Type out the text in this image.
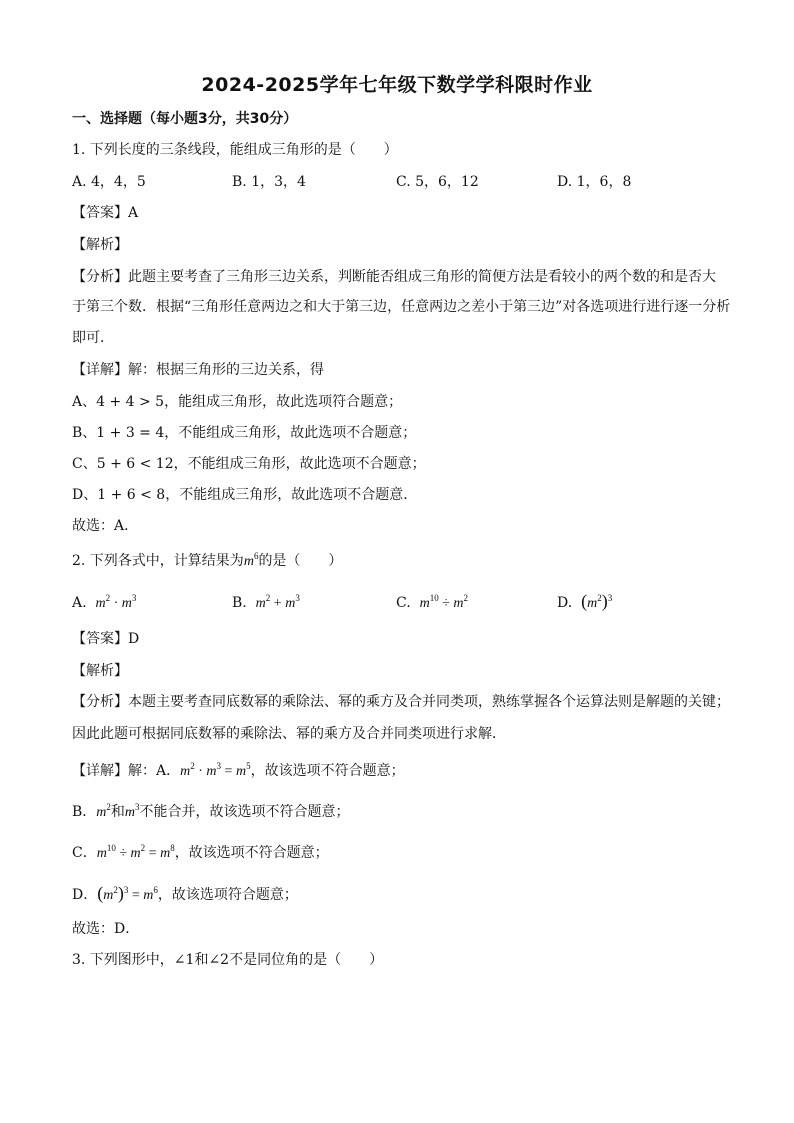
2024-2025学年七年级下数学学科限时作业
一、选择题（每小题3分，共30分）
1. 下列长度的三条线段，能组成三角形的是（　　）
A. 4，4，5	B. 1，3，4	C. 5，6，12	D. 1，6，8
【答案】A
【解析】
【分析】此题主要考查了三角形三边关系，判断能否组成三角形的简便方法是看较小的两个数的和是否大
于第三个数．根据“三角形任意两边之和大于第三边，任意两边之差小于第三边”对各选项进行进行逐一分析
即可．
【详解】解：根据三角形的三边关系，得
A、4 + 4 > 5，能组成三角形，故此选项符合题意；
B、1 + 3 = 4，不能组成三角形，故此选项不合题意；
C、5 + 6 < 12，不能组成三角形，故此选项不合题意；
D、1 + 6 < 8，不能组成三角形，故此选项不合题意．
故选：A．
2. 下列各式中，计算结果为$m^6$的是（　　）
A. $m^2 \cdot m^3$	B. $m^2 + m^3$	C. $m^{10} \div m^2$	D. $(m^2)^3$
【答案】D
【解析】
【分析】本题主要考查同底数幂的乘除法、幂的乘方及合并同类项，熟练掌握各个运算法则是解题的关键；
因此此题可根据同底数幂的乘除法、幂的乘方及合并同类项进行求解．
【详解】解：A．$m^2 \cdot m^3 = m^5$，故该选项不符合题意；
B．$m^2$和$m^3$不能合并，故该选项不符合题意；
C．$m^{10} \div m^2 = m^8$，故该选项不符合题意；
D．$(m^2)^3 = m^6$，故该选项符合题意；
故选：D．
3. 下列图形中，∠1和∠2不是同位角的是（　　）
